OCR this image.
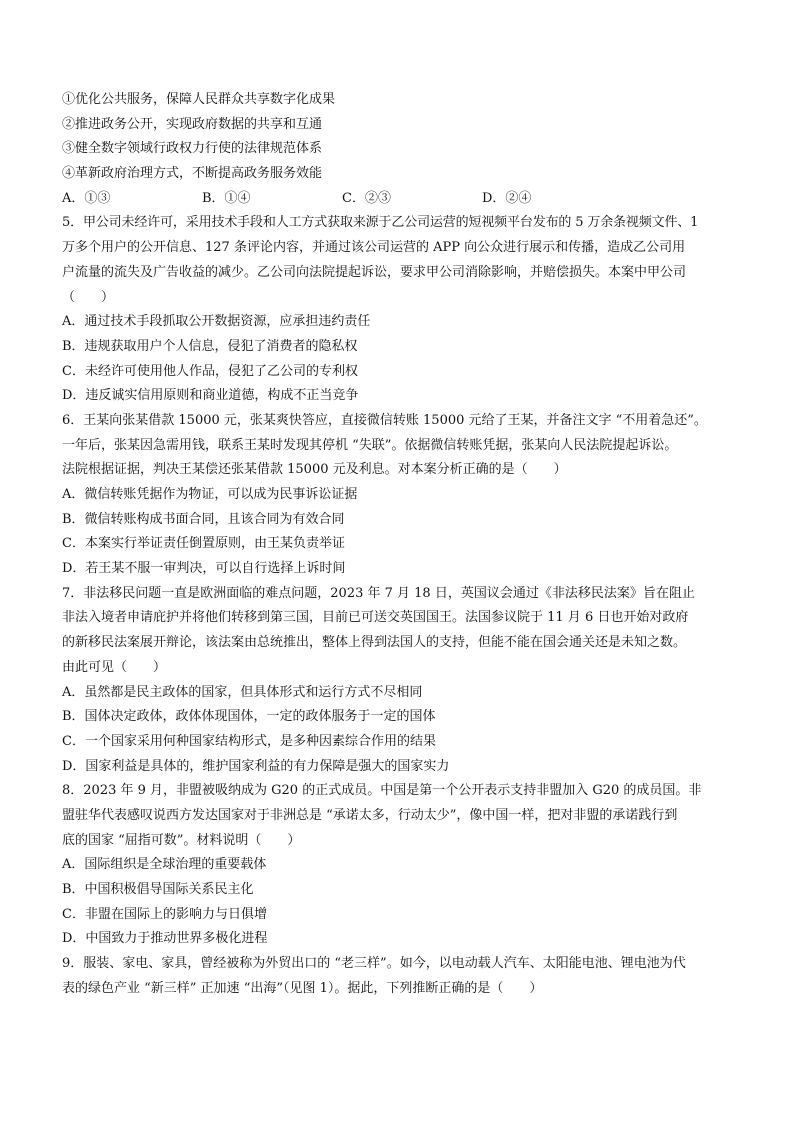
①优化公共服务，保障人民群众共享数字化成果
②推进政务公开，实现政府数据的共享和互通
③健全数字领域行政权力行使的法律规范体系
④革新政府治理方式，不断提高政务服务效能
A．①③	B．①④	C．②③	D．②④
5．甲公司未经许可，采用技术手段和人工方式获取来源于乙公司运营的短视频平台发布的 5 万余条视频文件、1
万多个用户的公开信息、127 条评论内容，并通过该公司运营的 APP 向公众进行展示和传播，造成乙公司用
户流量的流失及广告收益的减少。乙公司向法院提起诉讼，要求甲公司消除影响，并赔偿损失。本案中甲公司
（　　）
A．通过技术手段抓取公开数据资源，应承担违约责任
B．违规获取用户个人信息，侵犯了消费者的隐私权
C．未经许可使用他人作品，侵犯了乙公司的专利权
D．违反诚实信用原则和商业道德，构成不正当竞争
6．王某向张某借款 15000 元，张某爽快答应，直接微信转账 15000 元给了王某，并备注文字 “不用着急还”。
一年后，张某因急需用钱，联系王某时发现其停机 “失联”。依据微信转账凭据，张某向人民法院提起诉讼。
法院根据证据，判决王某偿还张某借款 15000 元及利息。对本案分析正确的是（　　）
A．微信转账凭据作为物证，可以成为民事诉讼证据
B．微信转账构成书面合同，且该合同为有效合同
C．本案实行举证责任倒置原则，由王某负责举证
D．若王某不服一审判决，可以自行选择上诉时间
7．非法移民问题一直是欧洲面临的难点问题，2023 年 7 月 18 日，英国议会通过《非法移民法案》旨在阻止
非法入境者申请庇护并将他们转移到第三国，目前已可送交英国国王。法国参议院于 11 月 6 日也开始对政府
的新移民法案展开辩论，该法案由总统推出，整体上得到法国人的支持，但能不能在国会通关还是未知之数。
由此可见（　　）
A．虽然都是民主政体的国家，但具体形式和运行方式不尽相同
B．国体决定政体，政体体现国体，一定的政体服务于一定的国体
C．一个国家采用何种国家结构形式，是多种因素综合作用的结果
D．国家利益是具体的，维护国家利益的有力保障是强大的国家实力
8．2023 年 9 月，非盟被吸纳成为 G20 的正式成员。中国是第一个公开表示支持非盟加入 G20 的成员国。非
盟驻华代表感叹说西方发达国家对于非洲总是 “承诺太多，行动太少”，像中国一样，把对非盟的承诺践行到
底的国家 “屈指可数”。材料说明（　　）
A．国际组织是全球治理的重要载体
B．中国积极倡导国际关系民主化
C．非盟在国际上的影响力与日俱增
D．中国致力于推动世界多极化进程
9．服装、家电、家具，曾经被称为外贸出口的 “老三样”。如今，以电动载人汽车、太阳能电池、锂电池为代
表的绿色产业 “新三样” 正加速 “出海”（见图 1）。据此，下列推断正确的是（　　）
